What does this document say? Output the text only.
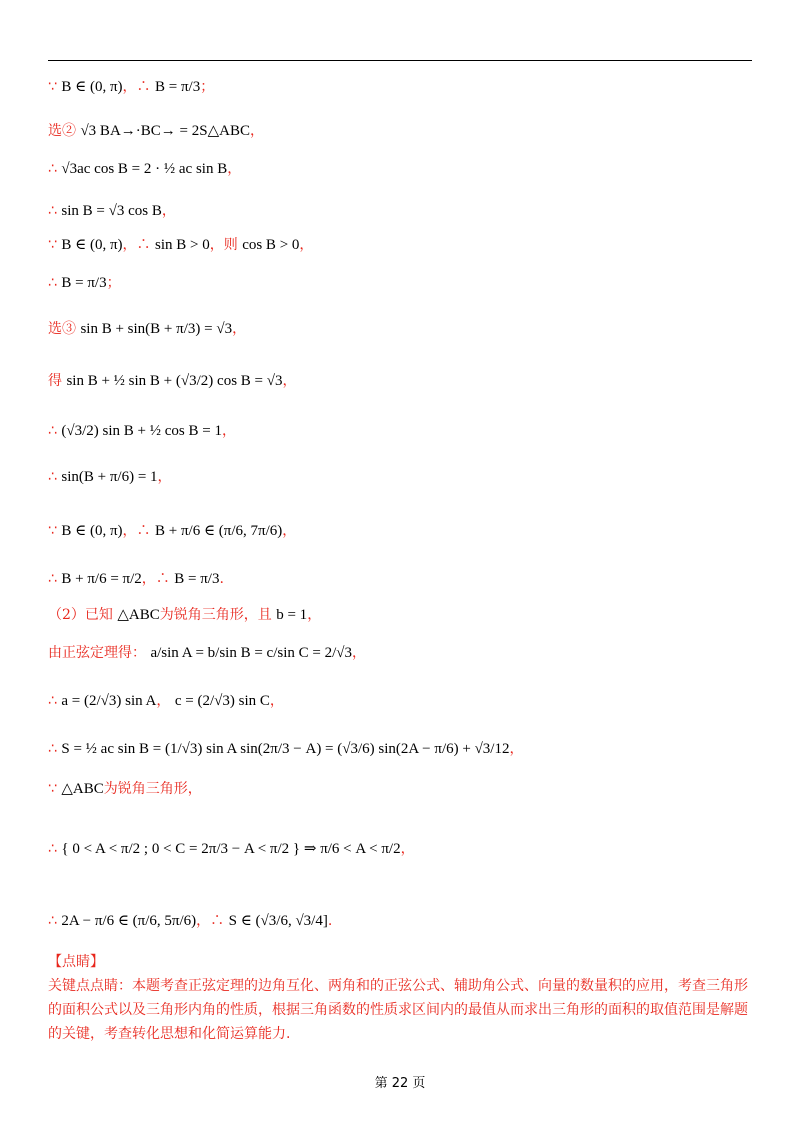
∵ B ∈ (0, π)，∴ B = π/3；
选② √3 BA→·BC→ = 2S△ABC，
∴ √3ac cos B = 2 · ½ ac sin B，
∴ sin B = √3 cos B，
∵ B ∈ (0, π)，∴ sin B > 0，则 cos B > 0，
∴ B = π/3；
选③ sin B + sin(B + π/3) = √3，
得 sin B + ½ sin B + (√3/2) cos B = √3，
∴ (√3/2) sin B + ½ cos B = 1，
∴ sin(B + π/6) = 1，
∵ B ∈ (0, π)，∴ B + π/6 ∈ (π/6, 7π/6)，
∴ B + π/6 = π/2，∴ B = π/3.
（2）已知 △ABC为锐角三角形，且 b = 1，
由正弦定理得： a/sin A = b/sin B = c/sin C = 2/√3，
∴ a = (2/√3) sin A， c = (2/√3) sin C，
∴ S = ½ ac sin B = (1/√3) sin A sin(2π/3 − A) = (√3/6) sin(2A − π/6) + √3/12，
∵ △ABC为锐角三角形，
∴ { 0 < A < π/2 ; 0 < C = 2π/3 − A < π/2 } ⇒ π/6 < A < π/2，
∴ 2A − π/6 ∈ (π/6, 5π/6)，∴ S ∈ (√3/6, √3/4].
【点睛】
关键点点睛：本题考查正弦定理的边角互化、两角和的正弦公式、辅助角公式、向量的数量积的应用，考查三角形的面积公式以及三角形内角的性质，根据三角函数的性质求区间内的最值从而求出三角形的面积的取值范围是解题的关键，考查转化思想和化简运算能力.
第 22 页
